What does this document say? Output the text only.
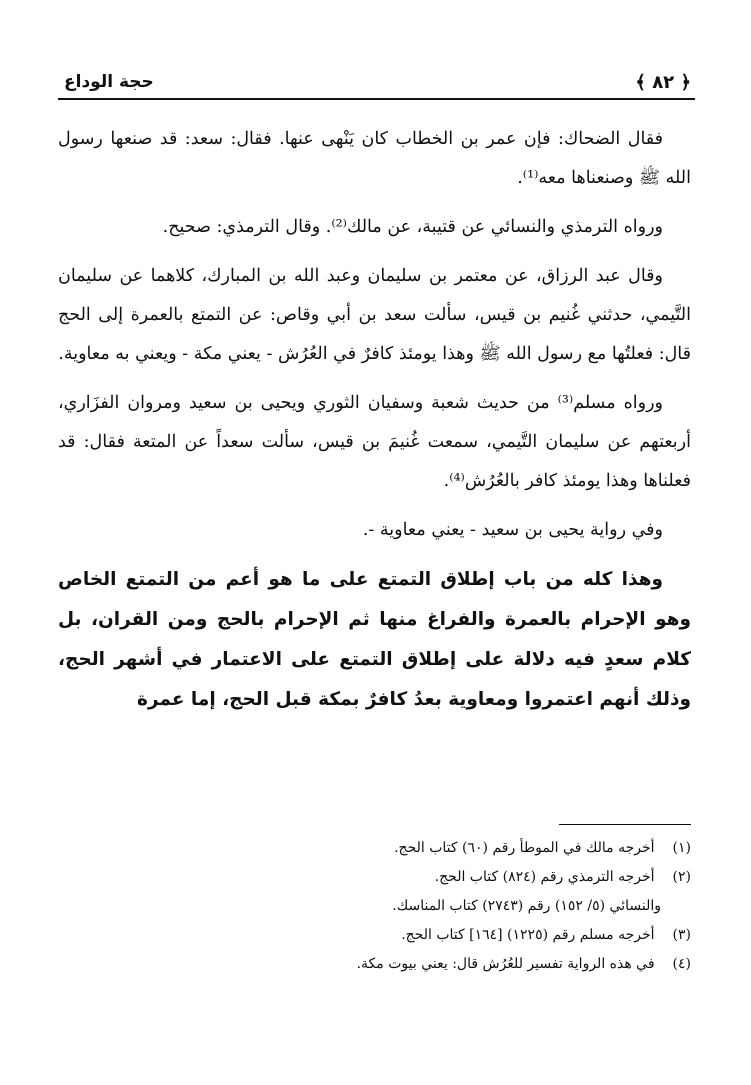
﴿ ٨٢ ﴾
حجة الوداع

فقال الضحاك: فإن عمر بن الخطاب كان يَنْهى عنها. فقال: سعد: قد صنعها رسول الله ﷺ وصنعناها معه⁽¹⁾.

ورواه الترمذي والنسائي عن قتيبة، عن مالك⁽²⁾. وقال الترمذي: صحيح.

وقال عبد الرزاق، عن معتمر بن سليمان وعبد الله بن المبارك، كلاهما عن سليمان التَّيمي، حدثني غُنيم بن قيس، سألت سعد بن أبي وقاص: عن التمتع بالعمرة إلى الحج قال: فعلتُها مع رسول الله ﷺ وهذا يومئذ كافرٌ في العُرُش - يعني مكة - ويعني به معاوية.

ورواه مسلم⁽³⁾ من حديث شعبة وسفيان الثوري ويحيى بن سعيد ومروان الفزَاري، أربعتهم عن سليمان التَّيمي، سمعت غُنيمَ بن قيس، سألت سعداً عن المتعة فقال: قد فعلناها وهذا يومئذ كافر بالعُرُش⁽⁴⁾.

وفي رواية يحيى بن سعيد - يعني معاوية -.

وهذا كله من باب إطلاق التمتع على ما هو أعم من التمتع الخاص وهو الإحرام بالعمرة والفراغ منها ثم الإحرام بالحج ومن القران، بل كلام سعدٍ فيه دلالة على إطلاق التمتع على الاعتمار في أشهر الحج، وذلك أنهم اعتمروا ومعاوية بعدُ كافرٌ بمكة قبل الحج، إما عمرة

(١) أخرجه مالك في الموطأ رقم (٦٠) كتاب الحج.
(٢) أخرجه الترمذي رقم (٨٢٤) كتاب الحج.
والنسائي (٥/ ١٥٢) رقم (٢٧٤٣) كتاب المناسك.
(٣) أخرجه مسلم رقم (١٢٢٥) [١٦٤] كتاب الحج.
(٤) في هذه الرواية تفسير للعُرُش قال: يعني بيوت مكة.
